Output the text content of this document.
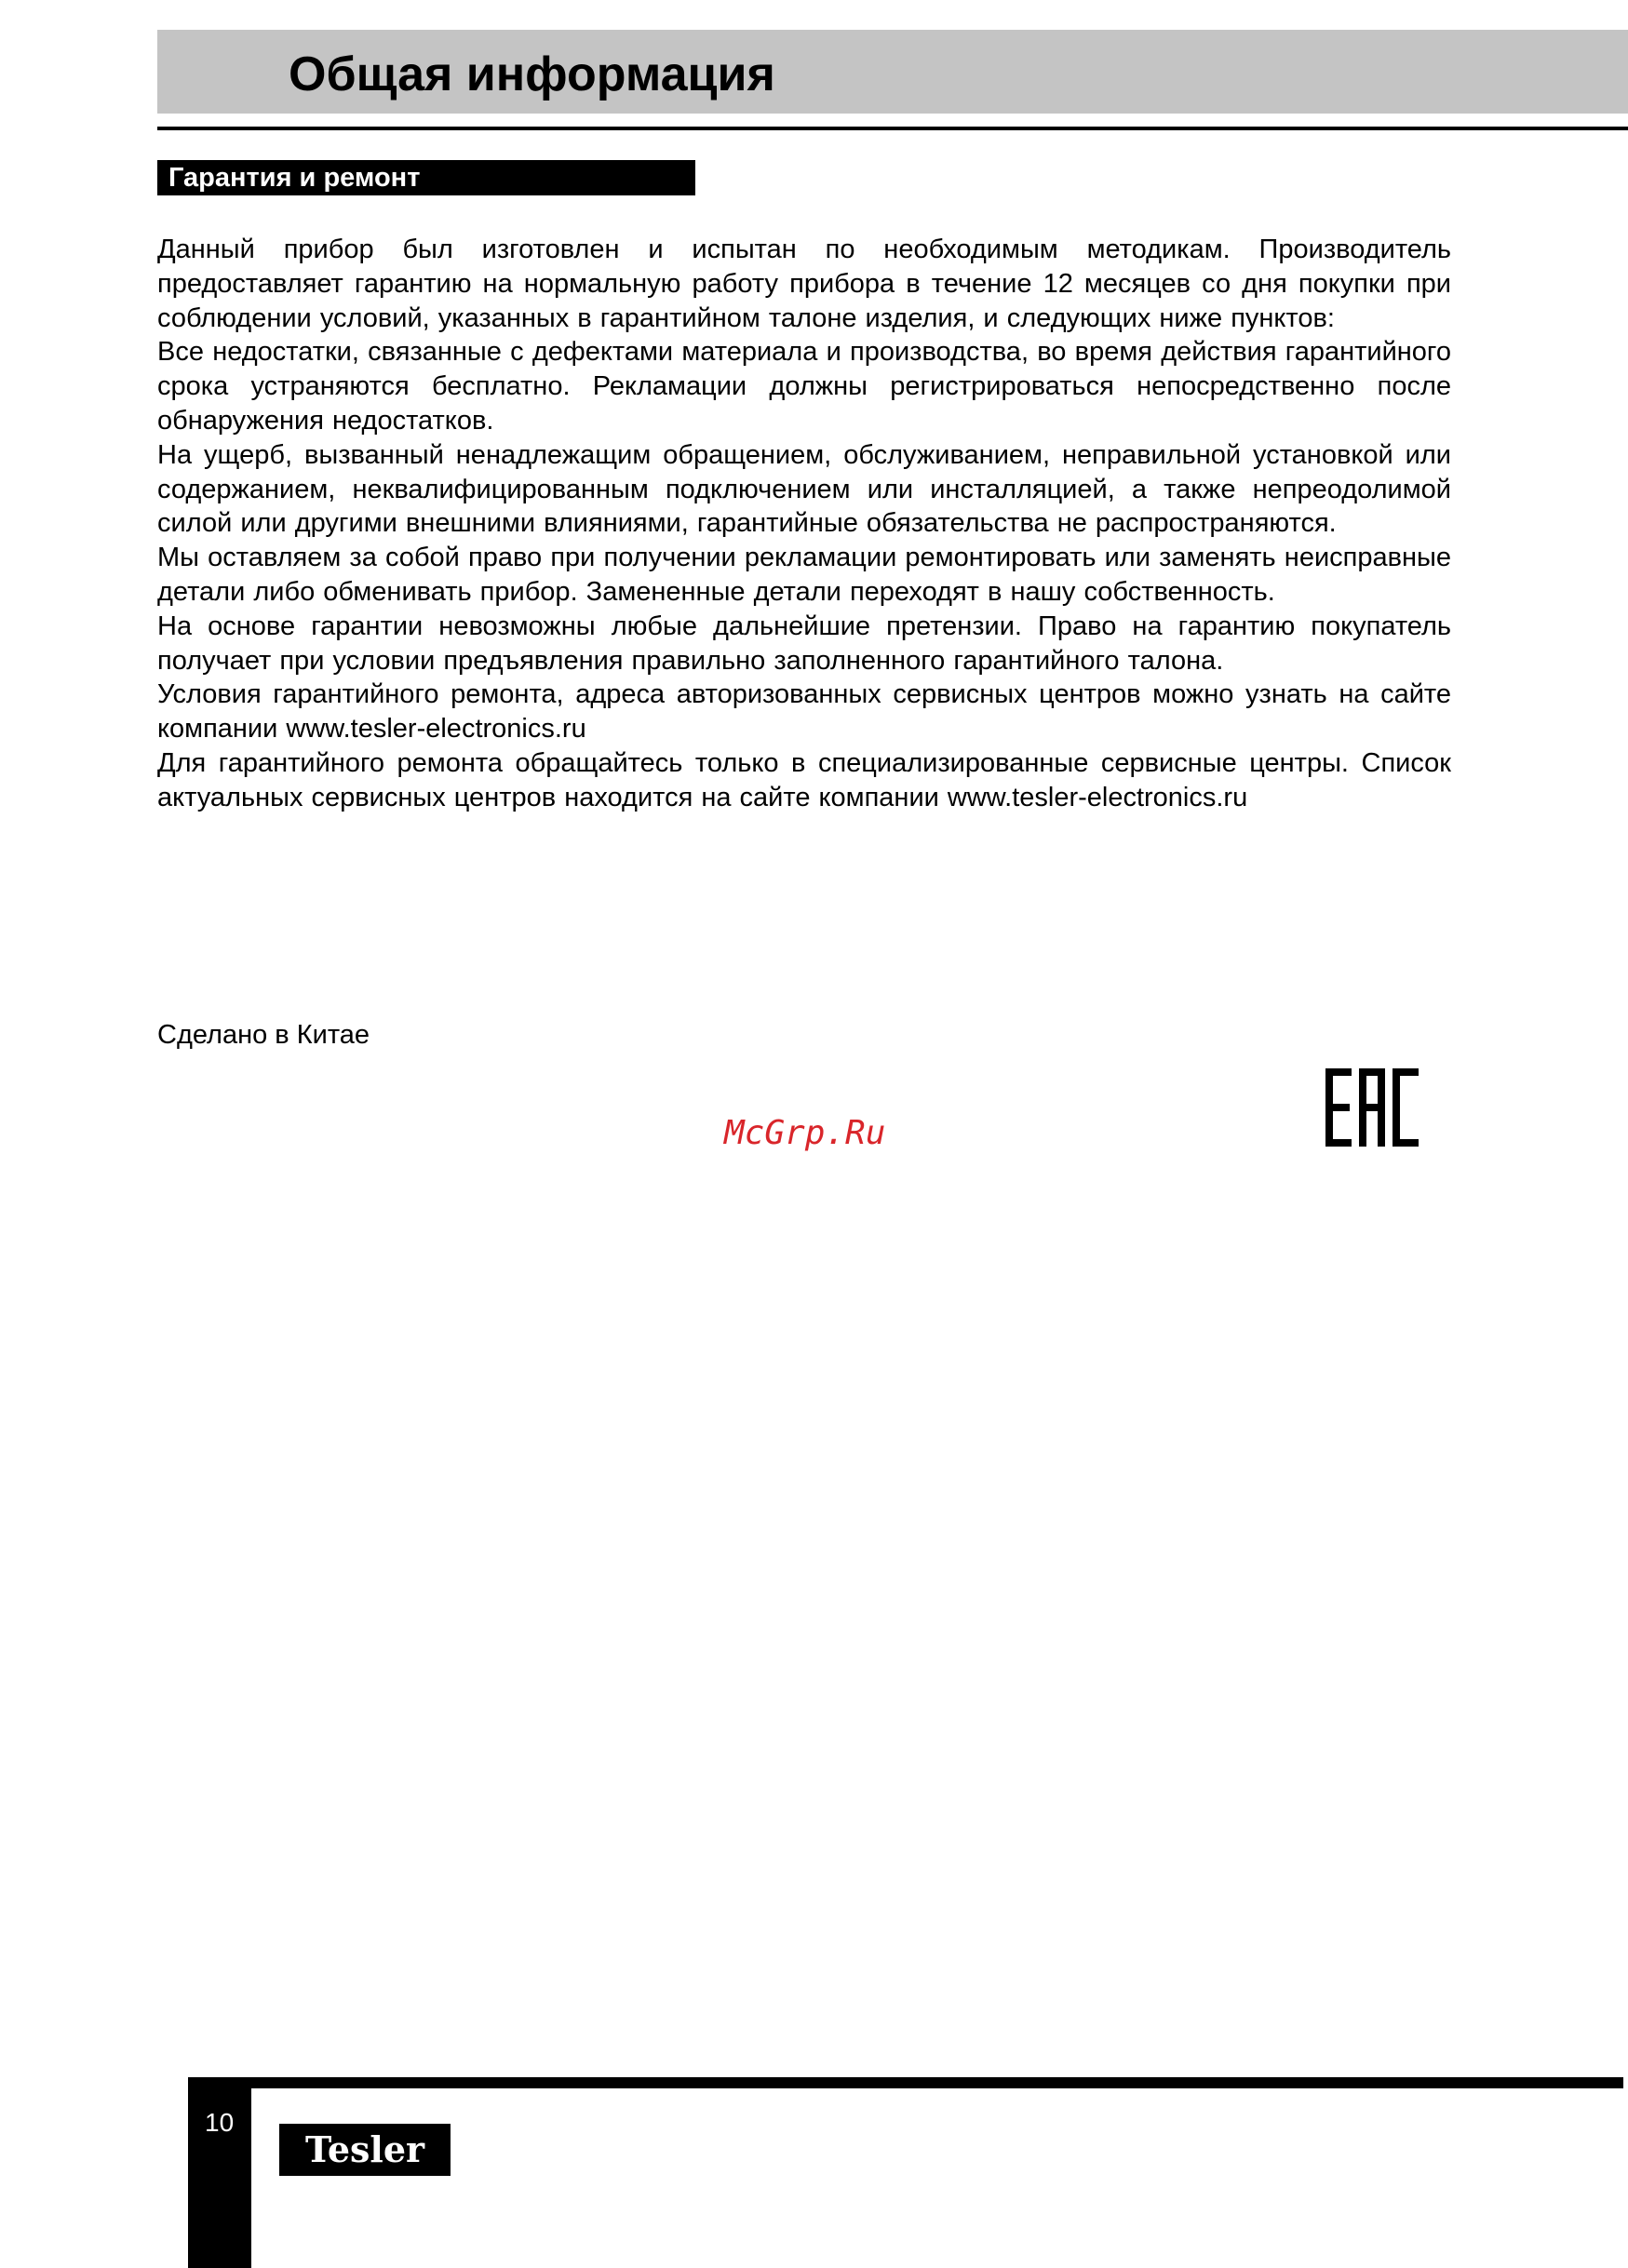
Общая информация
Гарантия и ремонт

Данный прибор был изготовлен и испытан по необходимым методикам. Производитель предоставляет гарантию на нормальную работу прибора в течение 12 месяцев со дня покупки при соблюдении условий, указанных в гарантийном талоне изделия, и следующих ниже пунктов:

Все недостатки, связанные с дефектами материала и производства, во время действия гарантийного срока устраняются бесплатно. Рекламации должны регистрироваться непосредственно после обнаружения недостатков.

На ущерб, вызванный ненадлежащим обращением, обслуживанием, неправильной установкой или содержанием, неквалифицированным подключением или инсталляцией, а также непреодолимой силой или другими внешними влияниями, гарантийные обязательства не распространяются.

Мы оставляем за собой право при получении рекламации ремонтировать или заменять неисправные детали либо обменивать прибор. Замененные детали переходят в нашу собственность.

На основе гарантии невозможны любые дальнейшие претензии. Право на гарантию покупатель получает при условии предъявления правильно заполненного гарантийного талона.

Условия гарантийного ремонта, адреса авторизованных сервисных центров можно узнать на сайте компании www.tesler-electronics.ru

Для гарантийного ремонта обращайтесь только в специализированные сервисные центры. Список актуальных сервисных центров находится на сайте компании www.tesler-electronics.ru

Сделано в Китае
McGrp.Ru
10
Tesler
